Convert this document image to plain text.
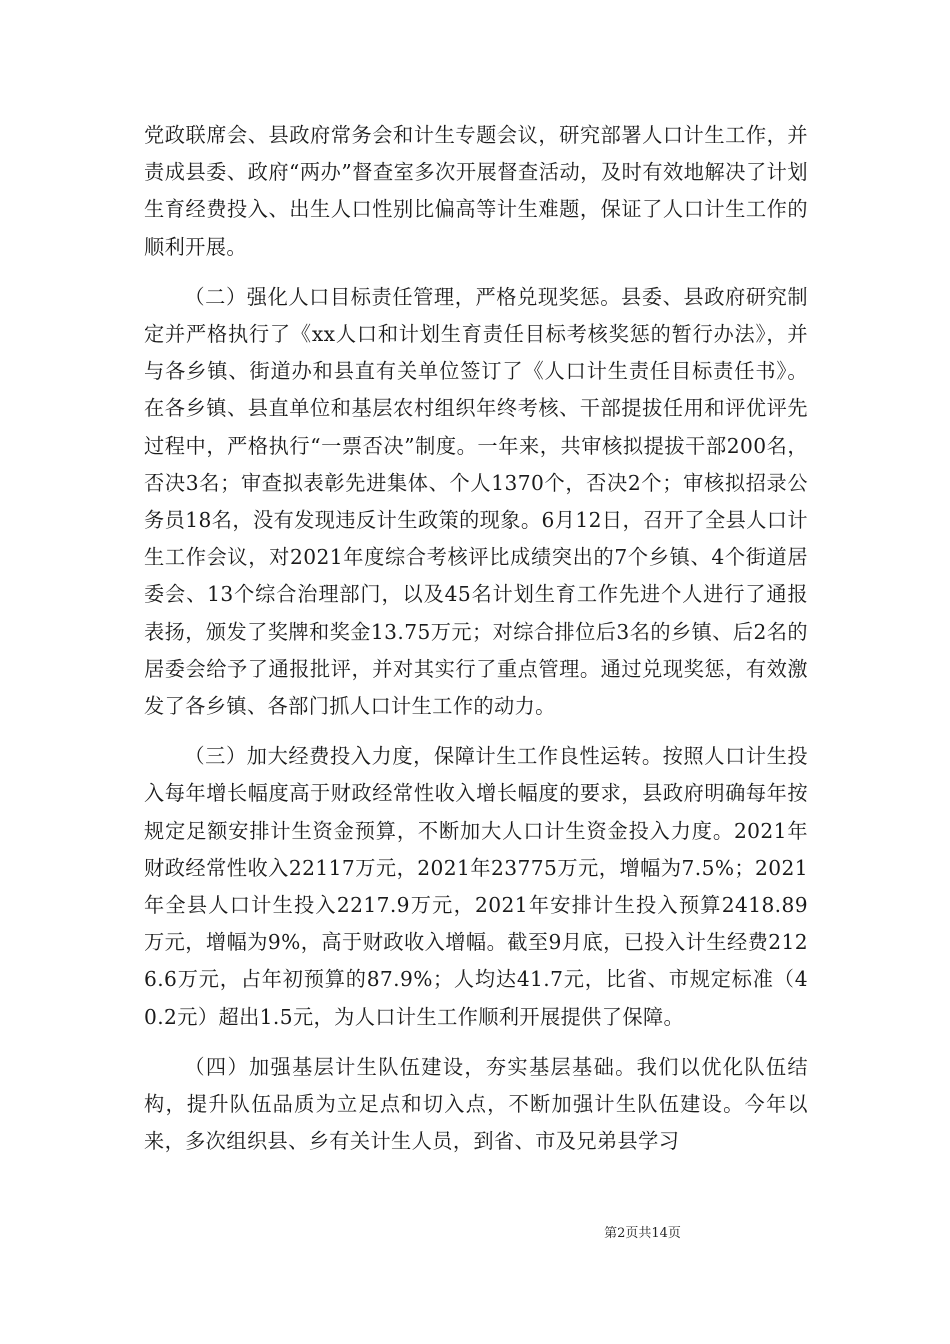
党政联席会、县政府常务会和计生专题会议，研究部署人口计生工作，并责成县委、政府“两办”督查室多次开展督查活动，及时有效地解决了计划生育经费投入、出生人口性别比偏高等计生难题，保证了人口计生工作的顺利开展。

（二）强化人口目标责任管理，严格兑现奖惩。县委、县政府研究制定并严格执行了《xx人口和计划生育责任目标考核奖惩的暂行办法》，并与各乡镇、街道办和县直有关单位签订了《人口计生责任目标责任书》。在各乡镇、县直单位和基层农村组织年终考核、干部提拔任用和评优评先过程中，严格执行“一票否决”制度。一年来，共审核拟提拔干部200名，否决3名；审查拟表彰先进集体、个人1370个，否决2个；审核拟招录公务员18名，没有发现违反计生政策的现象。6月12日，召开了全县人口计生工作会议，对2021年度综合考核评比成绩突出的7个乡镇、4个街道居委会、13个综合治理部门，以及45名计划生育工作先进个人进行了通报表扬，颁发了奖牌和奖金13.75万元；对综合排位后3名的乡镇、后2名的居委会给予了通报批评，并对其实行了重点管理。通过兑现奖惩，有效激发了各乡镇、各部门抓人口计生工作的动力。

（三）加大经费投入力度，保障计生工作良性运转。按照人口计生投入每年增长幅度高于财政经常性收入增长幅度的要求，县政府明确每年按规定足额安排计生资金预算，不断加大人口计生资金投入力度。2021年财政经常性收入22117万元，2021年23775万元，增幅为7.5%；2021年全县人口计生投入2217.9万元，2021年安排计生投入预算2418.89万元，增幅为9%，高于财政收入增幅。截至9月底，已投入计生经费2126.6万元，占年初预算的87.9%；人均达41.7元，比省、市规定标准（40.2元）超出1.5元，为人口计生工作顺利开展提供了保障。

（四）加强基层计生队伍建设，夯实基层基础。我们以优化队伍结构，提升队伍品质为立足点和切入点，不断加强计生队伍建设。今年以来，多次组织县、乡有关计生人员，到省、市及兄弟县学习

第2页共14页
